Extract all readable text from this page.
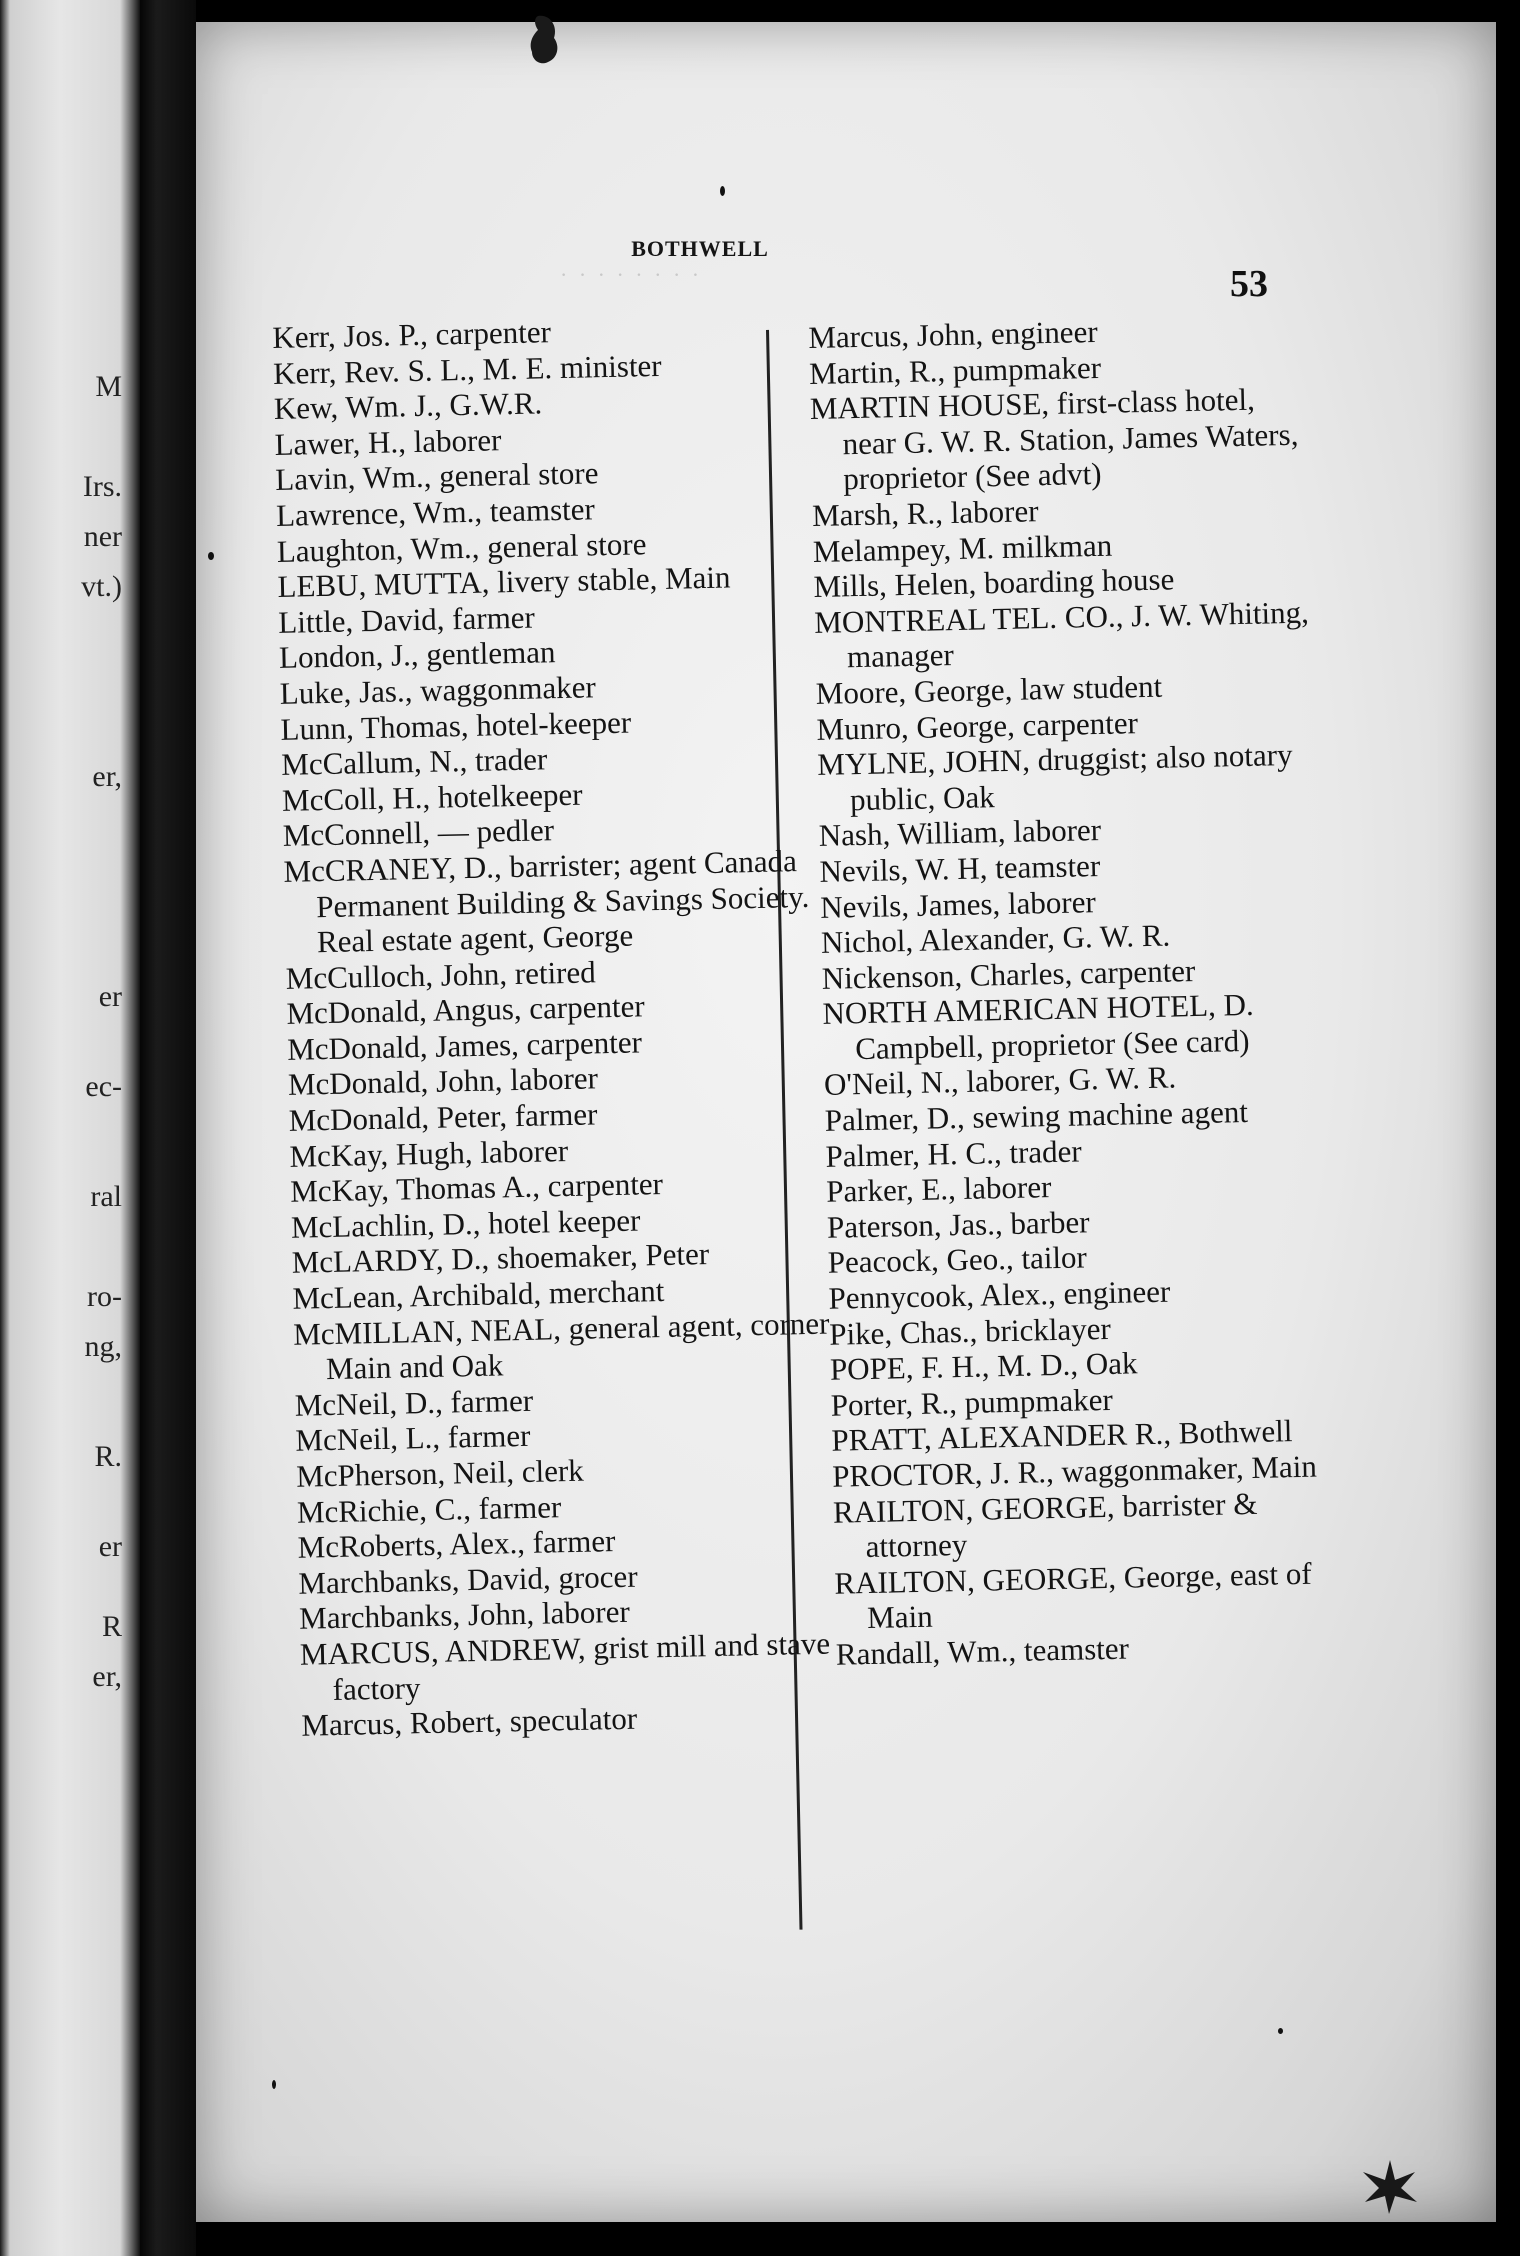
M
Irs.
ner
vt.)
er,
er
ec-
ral
ro-
ng,
R.
er
R
er,
· · · · · · · ·
BOTHWELL
53

Kerr, Jos. P., carpenter

Kerr, Rev. S. L., M. E. minister

Kew, Wm. J., G.W.R.

Lawer, H., laborer

Lavin, Wm., general store

Lawrence, Wm., teamster

Laughton, Wm., general store

LEBU, MUTTA, livery stable, Main

Little, David, farmer

London, J., gentleman

Luke, Jas., waggonmaker

Lunn, Thomas, hotel-keeper

McCallum, N., trader

McColl, H., hotelkeeper

McConnell, — pedler

McCRANEY, D., barrister; agent Canada Permanent Building & Savings Society. Real estate agent, George

McCulloch, John, retired

McDonald, Angus, carpenter

McDonald, James, carpenter

McDonald, John, laborer

McDonald, Peter, farmer

McKay, Hugh, laborer

McKay, Thomas A., carpenter

McLachlin, D., hotel keeper

McLARDY, D., shoemaker, Peter

McLean, Archibald, merchant

McMILLAN, NEAL, general agent, corner Main and Oak

McNeil, D., farmer

McNeil, L., farmer

McPherson, Neil, clerk

McRichie, C., farmer

McRoberts, Alex., farmer

Marchbanks, David, grocer

Marchbanks, John, laborer

MARCUS, ANDREW, grist mill and stave factory

Marcus, Robert, speculator

Marcus, John, engineer

Martin, R., pumpmaker

MARTIN HOUSE, first-class hotel, near G. W. R. Station, James Waters, proprietor (See advt)

Marsh, R., laborer

Melampey, M. milkman

Mills, Helen, boarding house

MONTREAL TEL. CO., J. W. Whiting, manager

Moore, George, law student

Munro, George, carpenter

MYLNE, JOHN, druggist; also notary public, Oak

Nash, William, laborer

Nevils, W. H, teamster

Nevils, James, laborer

Nichol, Alexander, G. W. R.

Nickenson, Charles, carpenter

NORTH AMERICAN HOTEL, D. Campbell, proprietor (See card)

O'Neil, N., laborer, G. W. R.

Palmer, D., sewing machine agent

Palmer, H. C., trader

Parker, E., laborer

Paterson, Jas., barber

Peacock, Geo., tailor

Pennycook, Alex., engineer

Pike, Chas., bricklayer

POPE, F. H., M. D., Oak

Porter, R., pumpmaker

PRATT, ALEXANDER R., Bothwell

PROCTOR, J. R., waggonmaker, Main

RAILTON, GEORGE, barrister & attorney

RAILTON, GEORGE, George, east of Main

Randall, Wm., teamster
